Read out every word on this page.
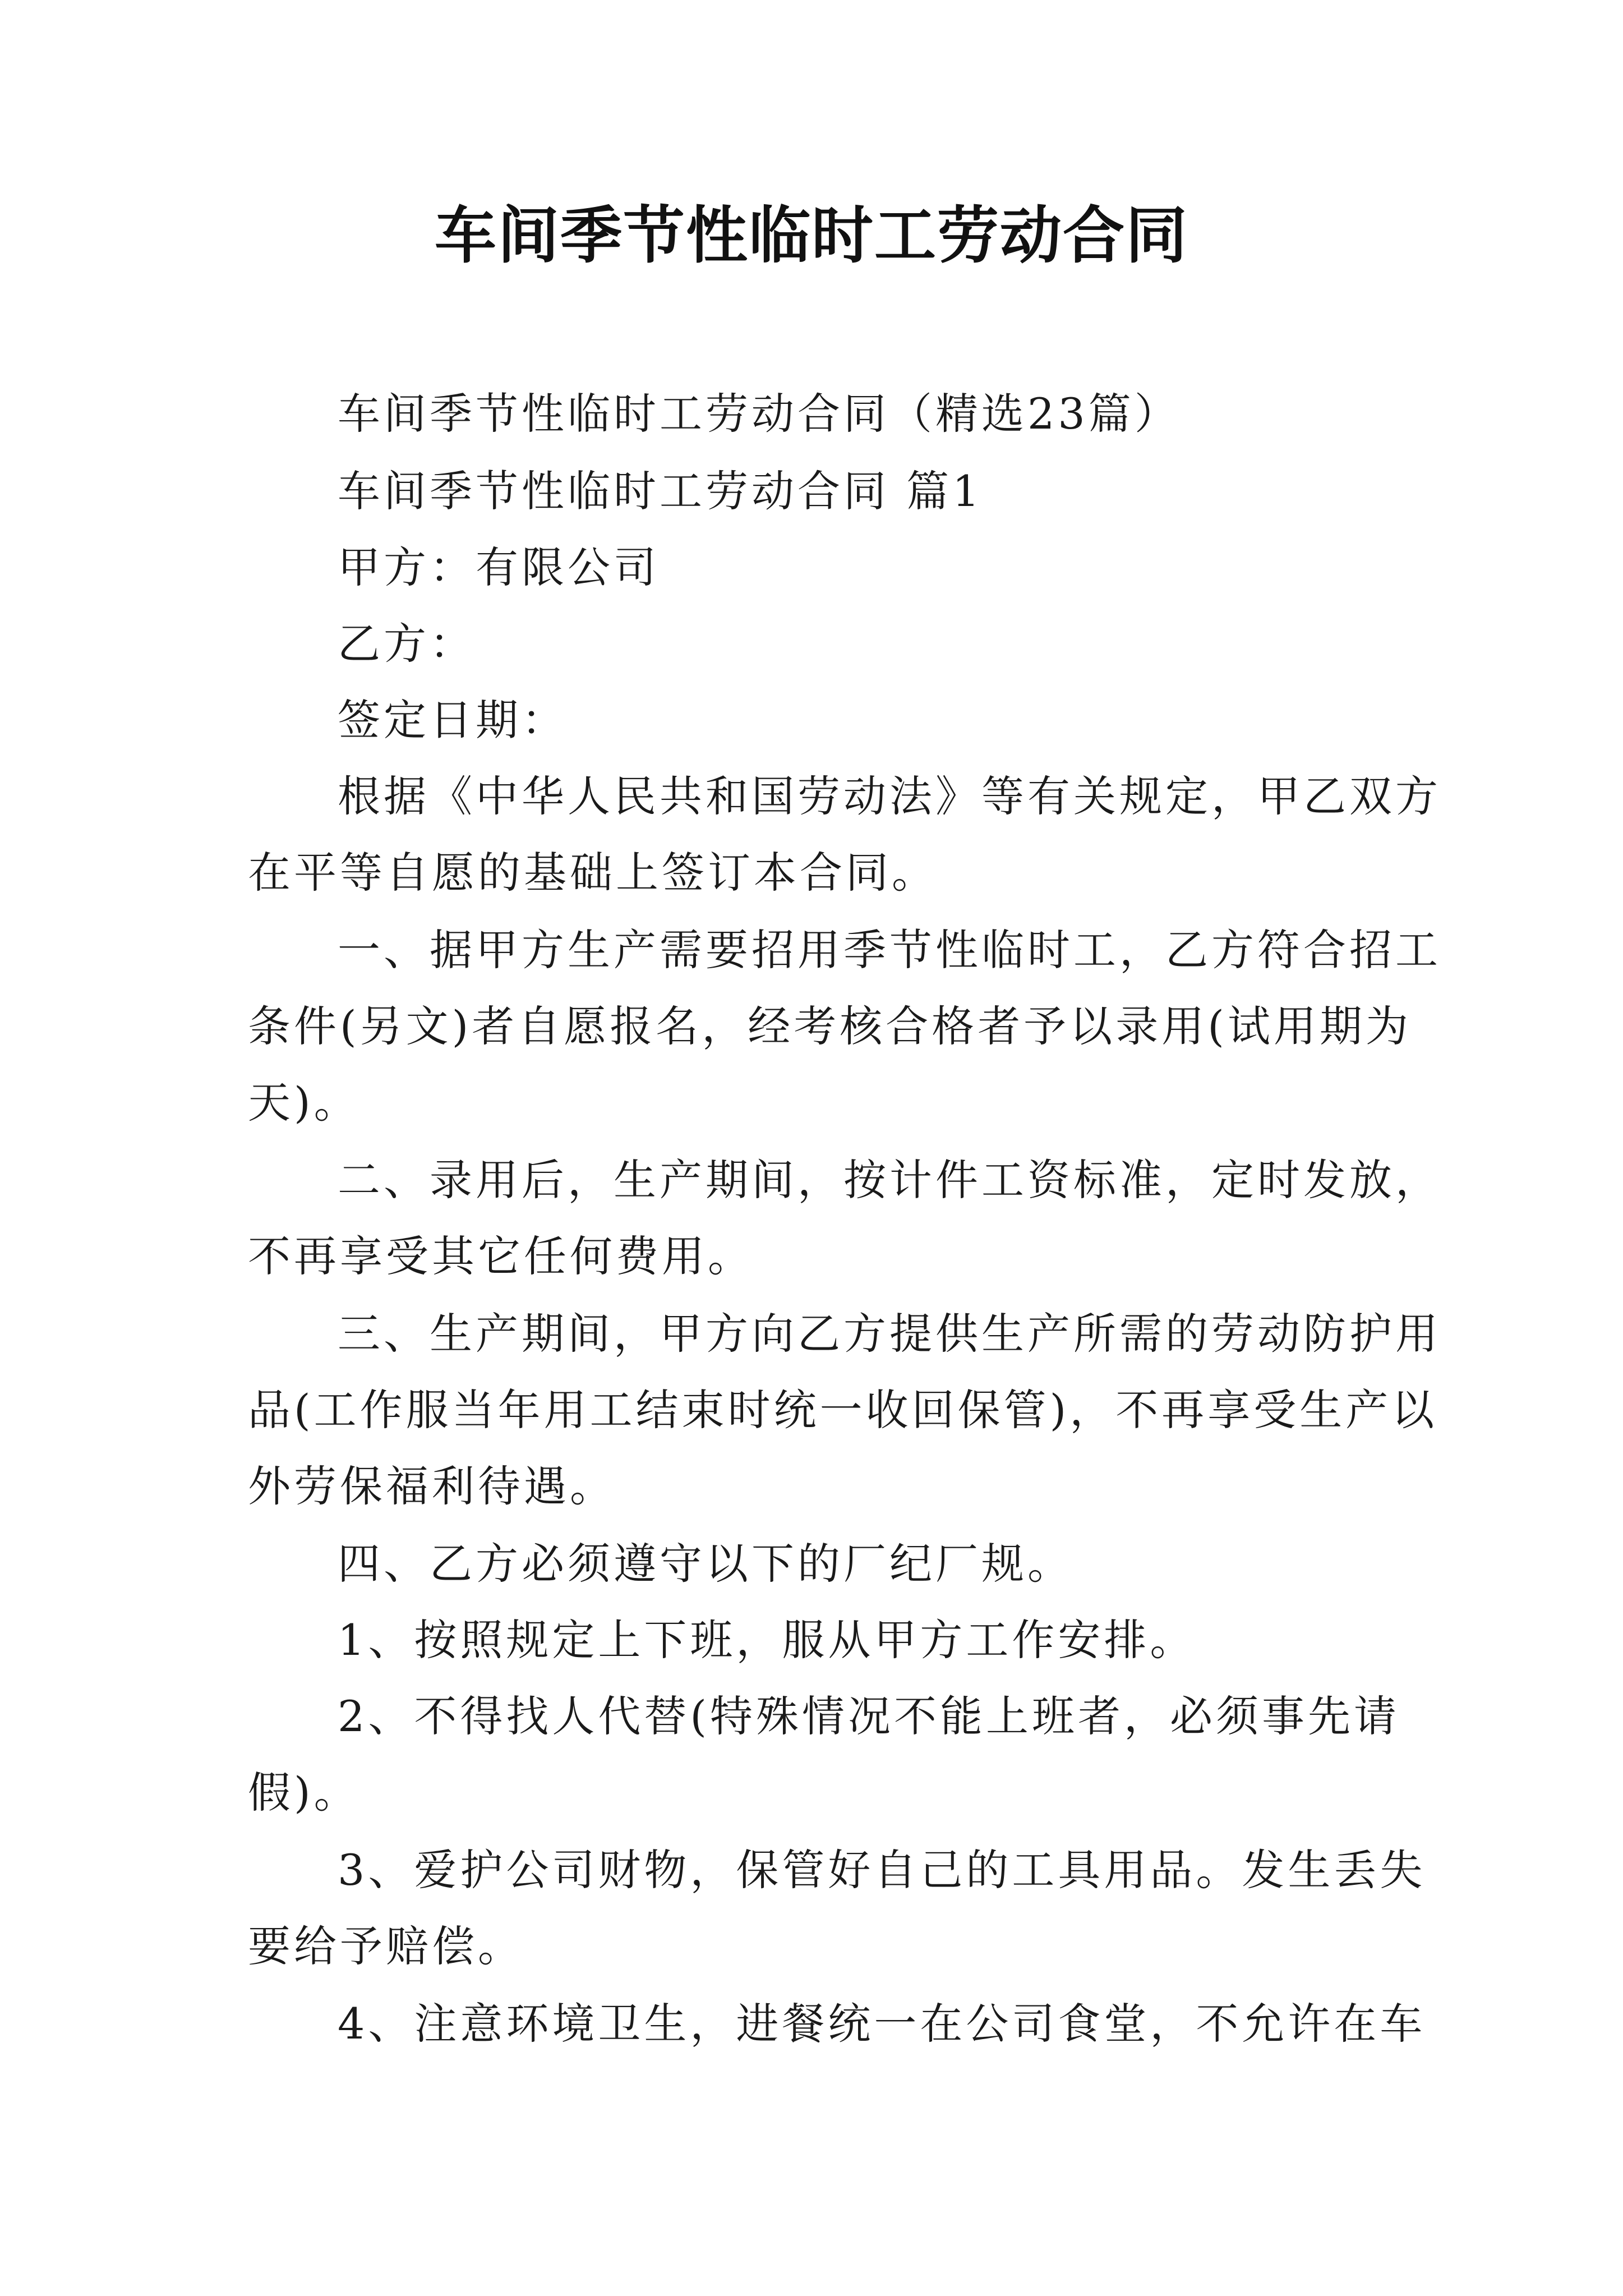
车间季节性临时工劳动合同
车间季节性临时工劳动合同（精选23篇）
车间季节性临时工劳动合同 篇1
甲方：有限公司
乙方：
签定日期：
根据《中华人民共和国劳动法》等有关规定，甲乙双方
在平等自愿的基础上签订本合同。
一、据甲方生产需要招用季节性临时工，乙方符合招工
条件(另文)者自愿报名，经考核合格者予以录用(试用期为
天)。
二、录用后，生产期间，按计件工资标准，定时发放，
不再享受其它任何费用。
三、生产期间，甲方向乙方提供生产所需的劳动防护用
品(工作服当年用工结束时统一收回保管)，不再享受生产以
外劳保福利待遇。
四、乙方必须遵守以下的厂纪厂规。
1、按照规定上下班，服从甲方工作安排。
2、不得找人代替(特殊情况不能上班者，必须事先请
假)。
3、爱护公司财物，保管好自己的工具用品。发生丢失
要给予赔偿。
4、注意环境卫生，进餐统一在公司食堂，不允许在车
